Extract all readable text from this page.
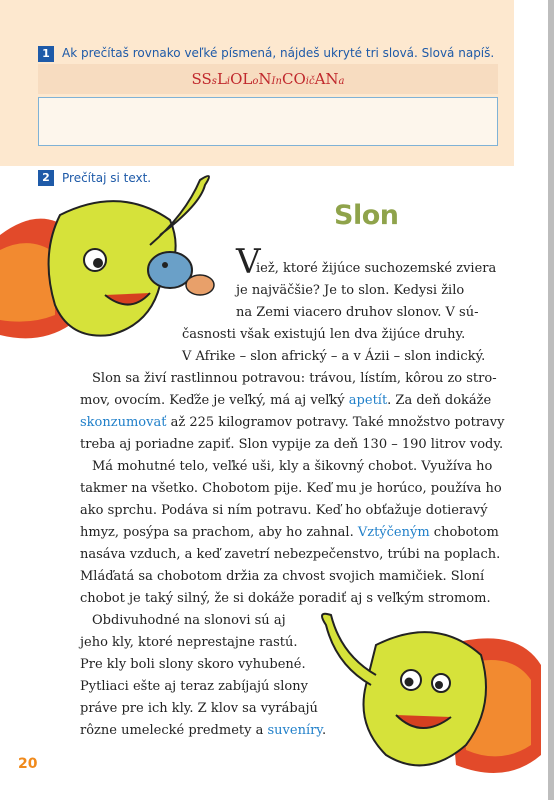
1	Ak prečítaš rovnako veľké písmená, nájdeš ukryté tri slová. Slová napíš.
SSsLiOLoNInCOičANa
2	Prečítaj si text.
Slon
V
iež, ktoré žijúce suchozemské zviera
je najväčšie? Je to slon. Kedysi žilo
na Zemi viacero druhov slonov. V sú-
časnosti však existujú len dva žijúce druhy.
V Afrike – slon africký – a v Ázii – slon indický.
Slon sa živí rastlinnou potravou: trávou, lístím, kôrou zo stro-
mov, ovocím. Keďže je veľký, má aj veľký apetít. Za deň dokáže
skonzumovať až 225 kilogramov potravy. Také množstvo potravy
treba aj poriadne zapiť. Slon vypije za deň 130 – 190 litrov vody.
Má mohutné telo, veľké uši, kly a šikovný chobot. Využíva ho
takmer na všetko. Chobotom pije. Keď mu je horúco, používa ho
ako sprchu. Podáva si ním potravu. Keď ho obťažuje dotieravý
hmyz, posýpa sa prachom, aby ho zahnal. Vztýčeným chobotom
nasáva vzduch, a keď zavetrí nebezpečenstvo, trúbi na poplach.
Mláďatá sa chobotom držia za chvost svojich mamičiek. Sloní
chobot je taký silný, že si dokáže poradiť aj s veľkým stromom.
Obdivuhodné na slonovi sú aj
jeho kly, ktoré neprestajne rastú.
Pre kly boli slony skoro vyhubené.
Pytliaci ešte aj teraz zabíjajú slony
práve pre ich kly. Z klov sa vyrábajú
rôzne umelecké predmety a suveníry.
20
